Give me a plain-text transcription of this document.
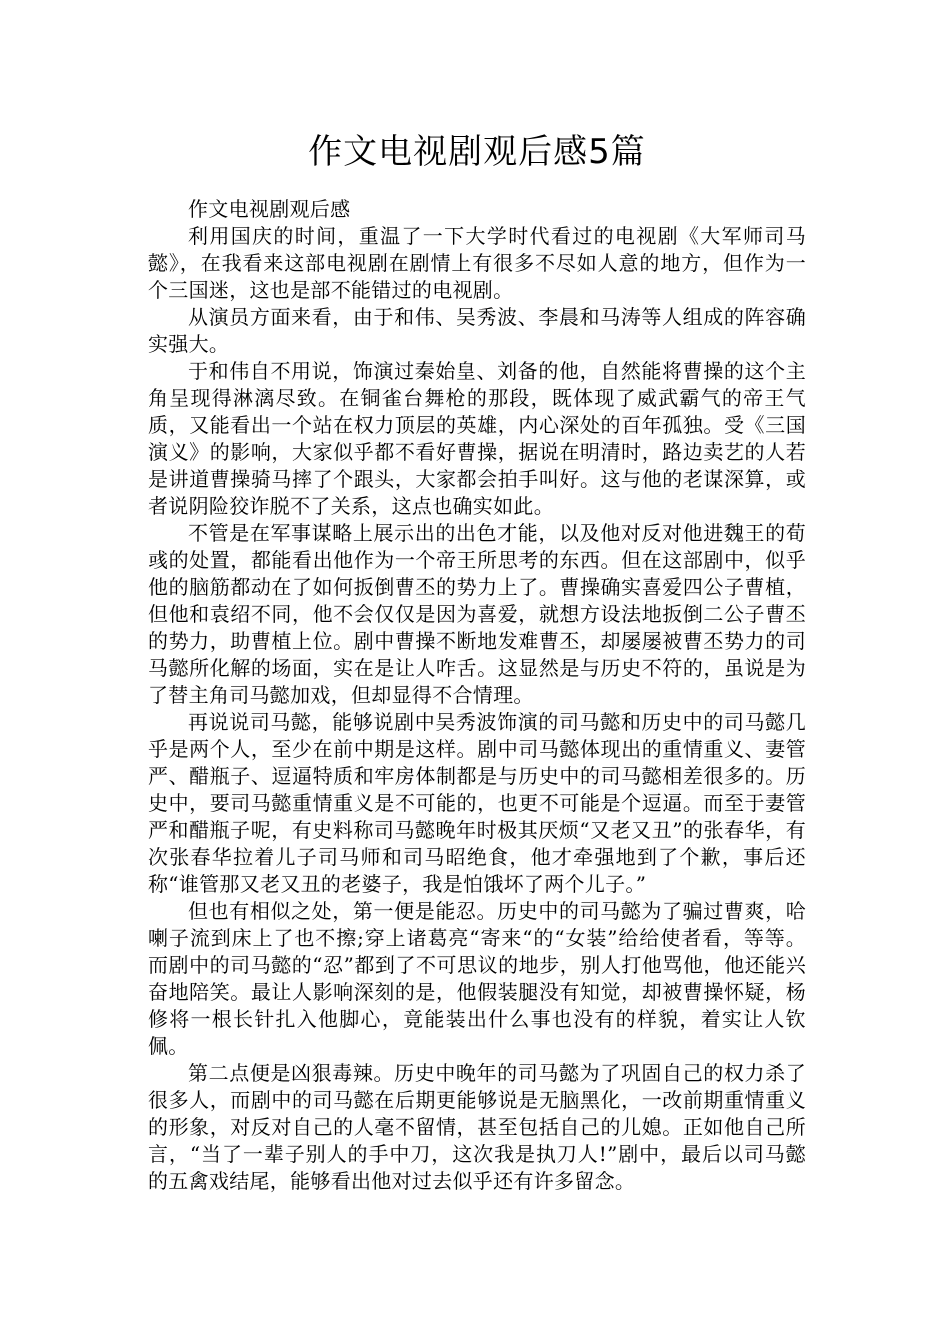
作文电视剧观后感5篇

作文电视剧观后感

利用国庆的时间，重温了一下大学时代看过的电视剧《大军师司马懿》，在我看来这部电视剧在剧情上有很多不尽如人意的地方，但作为一个三国迷，这也是部不能错过的电视剧。

从演员方面来看，由于和伟、吴秀波、李晨和马涛等人组成的阵容确实强大。

于和伟自不用说，饰演过秦始皇、刘备的他，自然能将曹操的这个主角呈现得淋漓尽致。在铜雀台舞枪的那段，既体现了威武霸气的帝王气质，又能看出一个站在权力顶层的英雄，内心深处的百年孤独。受《三国演义》的影响，大家似乎都不看好曹操，据说在明清时，路边卖艺的人若是讲道曹操骑马摔了个跟头，大家都会拍手叫好。这与他的老谋深算，或者说阴险狡诈脱不了关系，这点也确实如此。

不管是在军事谋略上展示出的出色才能，以及他对反对他进魏王的荀彧的处置，都能看出他作为一个帝王所思考的东西。但在这部剧中，似乎他的脑筋都动在了如何扳倒曹丕的势力上了。曹操确实喜爱四公子曹植，但他和袁绍不同，他不会仅仅是因为喜爱，就想方设法地扳倒二公子曹丕的势力，助曹植上位。剧中曹操不断地发难曹丕，却屡屡被曹丕势力的司马懿所化解的场面，实在是让人咋舌。这显然是与历史不符的，虽说是为了替主角司马懿加戏，但却显得不合情理。

再说说司马懿，能够说剧中吴秀波饰演的司马懿和历史中的司马懿几乎是两个人，至少在前中期是这样。剧中司马懿体现出的重情重义、妻管严、醋瓶子、逗逼特质和牢房体制都是与历史中的司马懿相差很多的。历史中，要司马懿重情重义是不可能的，也更不可能是个逗逼。而至于妻管严和醋瓶子呢，有史料称司马懿晚年时极其厌烦“又老又丑”的张春华，有次张春华拉着儿子司马师和司马昭绝食，他才牵强地到了个歉，事后还称“谁管那又老又丑的老婆子，我是怕饿坏了两个儿子。”

但也有相似之处，第一便是能忍。历史中的司马懿为了骗过曹爽，哈喇子流到床上了也不擦;穿上诸葛亮“寄来“的“女装”给给使者看，等等。而剧中的司马懿的“忍”都到了不可思议的地步，别人打他骂他，他还能兴奋地陪笑。最让人影响深刻的是，他假装腿没有知觉，却被曹操怀疑，杨修将一根长针扎入他脚心，竟能装出什么事也没有的样貌，着实让人钦佩。

第二点便是凶狠毒辣。历史中晚年的司马懿为了巩固自己的权力杀了很多人，而剧中的司马懿在后期更能够说是无脑黑化，一改前期重情重义的形象，对反对自己的人毫不留情，甚至包括自己的儿媳。正如他自己所言，“当了一辈子别人的手中刀，这次我是执刀人!”剧中，最后以司马懿的五禽戏结尾，能够看出他对过去似乎还有许多留念。
